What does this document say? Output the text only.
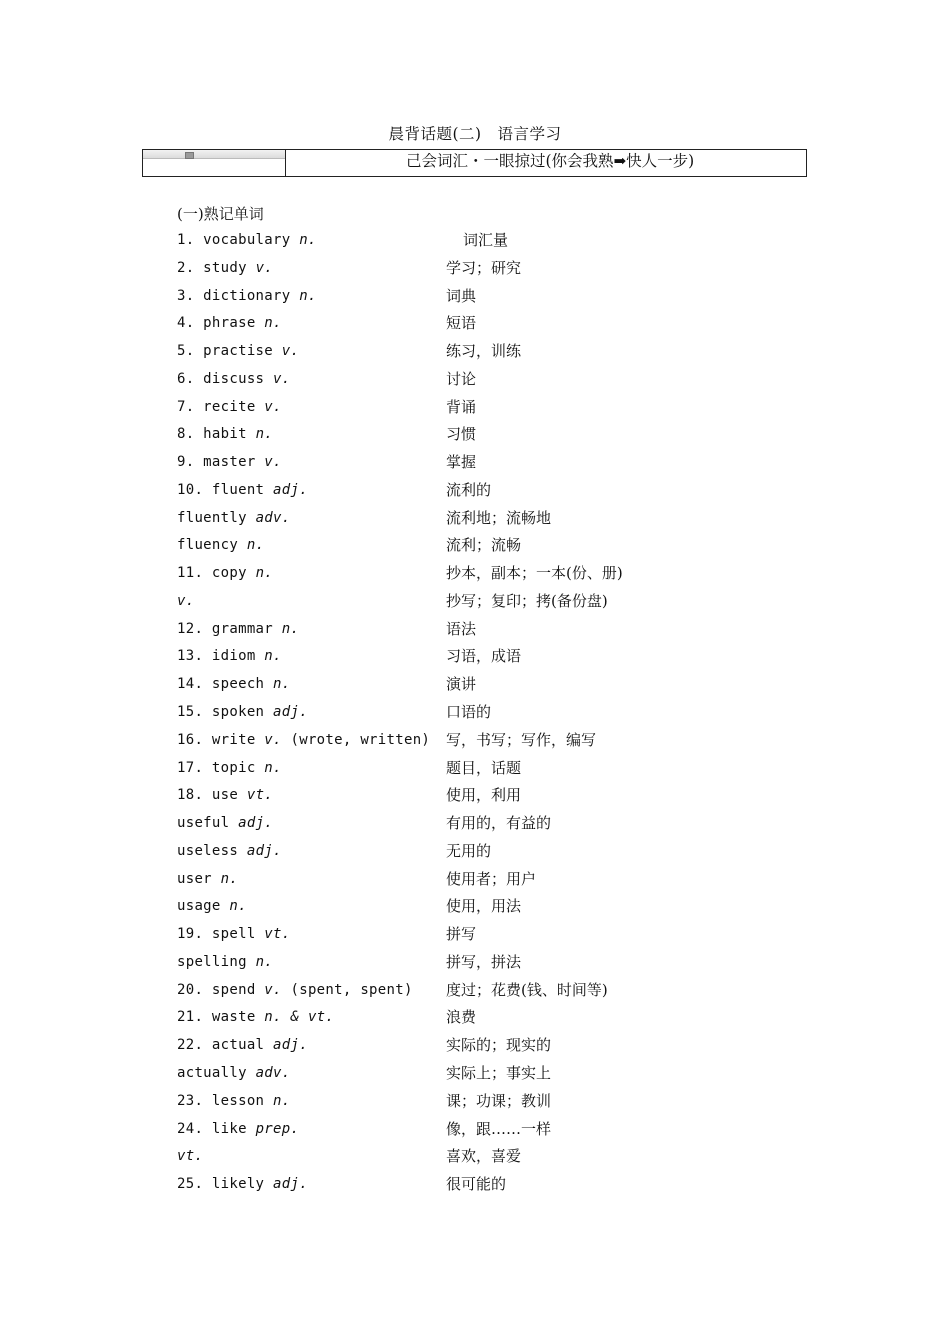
晨背话题(二)　语言学习
己会词汇・一眼掠过(你会我熟➡快人一步)
(一)熟记单词
1. vocabulary n.	词汇量
2. study v.	学习；研究
3. dictionary n.	词典
4. phrase n.	短语
5. practise v.	练习，训练
6. discuss v.	讨论
7. recite v.	背诵
8. habit n.	习惯
9. master v.	掌握
10. fluent adj.	流利的
fluently adv.	流利地；流畅地
fluency n.	流利；流畅
11. copy n.	抄本，副本；一本(份、册)
v.	抄写；复印；拷(备份盘)
12. grammar n.	语法
13. idiom n.	习语，成语
14. speech n.	演讲
15. spoken adj.	口语的
16. write v. (wrote, written) 写，书写；写作，编写
17. topic n.	题目，话题
18. use vt.	使用，利用
useful adj.	有用的，有益的
useless adj.	无用的
user n.	使用者；用户
usage n.	使用，用法
19. spell vt.	拼写
spelling n.	拼写，拼法
20. spend v. (spent, spent) 度过；花费(钱、时间等)
21. waste n. & vt.	浪费
22. actual adj.	实际的；现实的
actually adv.	实际上；事实上
23. lesson n.	课；功课；教训
24. like prep.	像，跟……一样
vt.	喜欢，喜爱
25. likely adj.	很可能的
